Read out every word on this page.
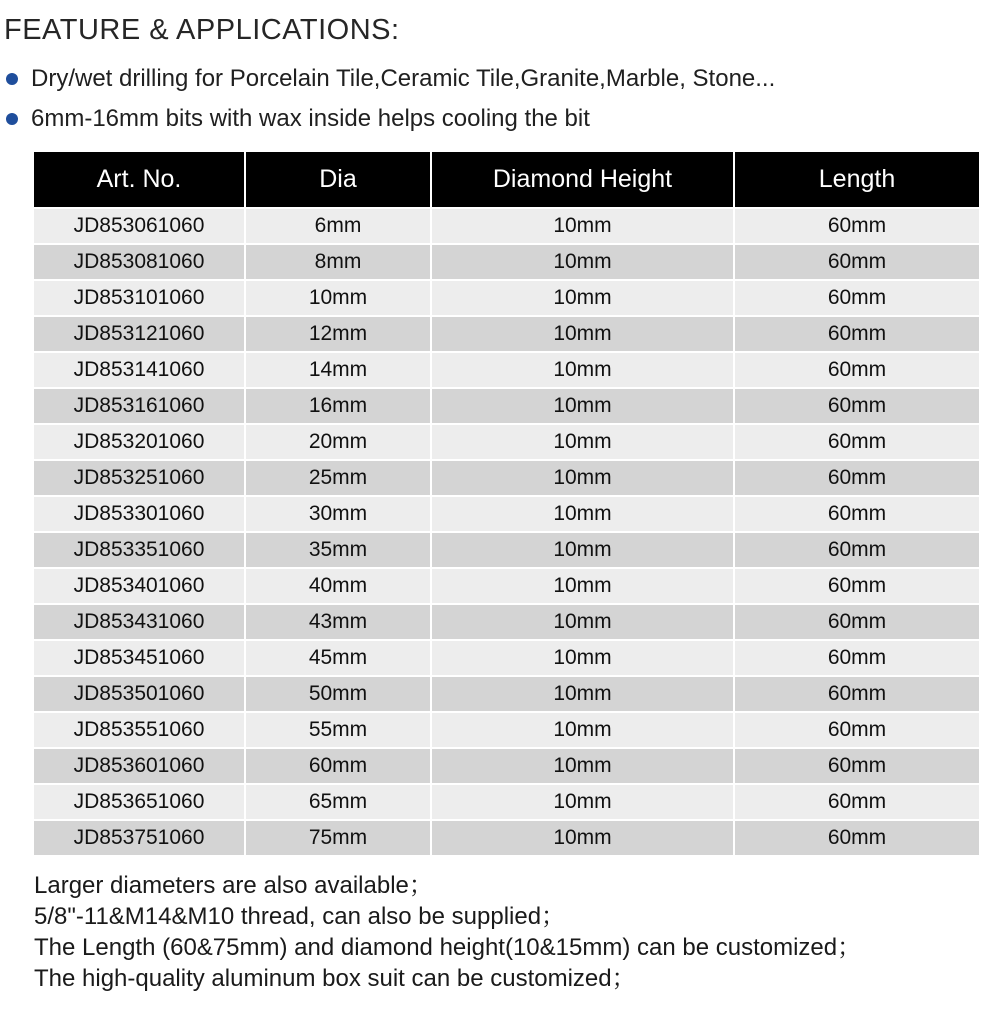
FEATURE & APPLICATIONS:
Dry/wet drilling for Porcelain Tile,Ceramic Tile,Granite,Marble, Stone...
6mm-16mm bits with wax inside helps cooling the bit
Art. No.	Dia	Diamond Height	Length
JD853061060	6mm	10mm	60mm
JD853081060	8mm	10mm	60mm
JD853101060	10mm	10mm	60mm
JD853121060	12mm	10mm	60mm
JD853141060	14mm	10mm	60mm
JD853161060	16mm	10mm	60mm
JD853201060	20mm	10mm	60mm
JD853251060	25mm	10mm	60mm
JD853301060	30mm	10mm	60mm
JD853351060	35mm	10mm	60mm
JD853401060	40mm	10mm	60mm
JD853431060	43mm	10mm	60mm
JD853451060	45mm	10mm	60mm
JD853501060	50mm	10mm	60mm
JD853551060	55mm	10mm	60mm
JD853601060	60mm	10mm	60mm
JD853651060	65mm	10mm	60mm
JD853751060	75mm	10mm	60mm
Larger diameters are also available；
5/8"-11&M14&M10 thread, can also be supplied；
The Length (60&75mm) and diamond height(10&15mm) can be customized；
The high-quality aluminum box suit can be customized；
